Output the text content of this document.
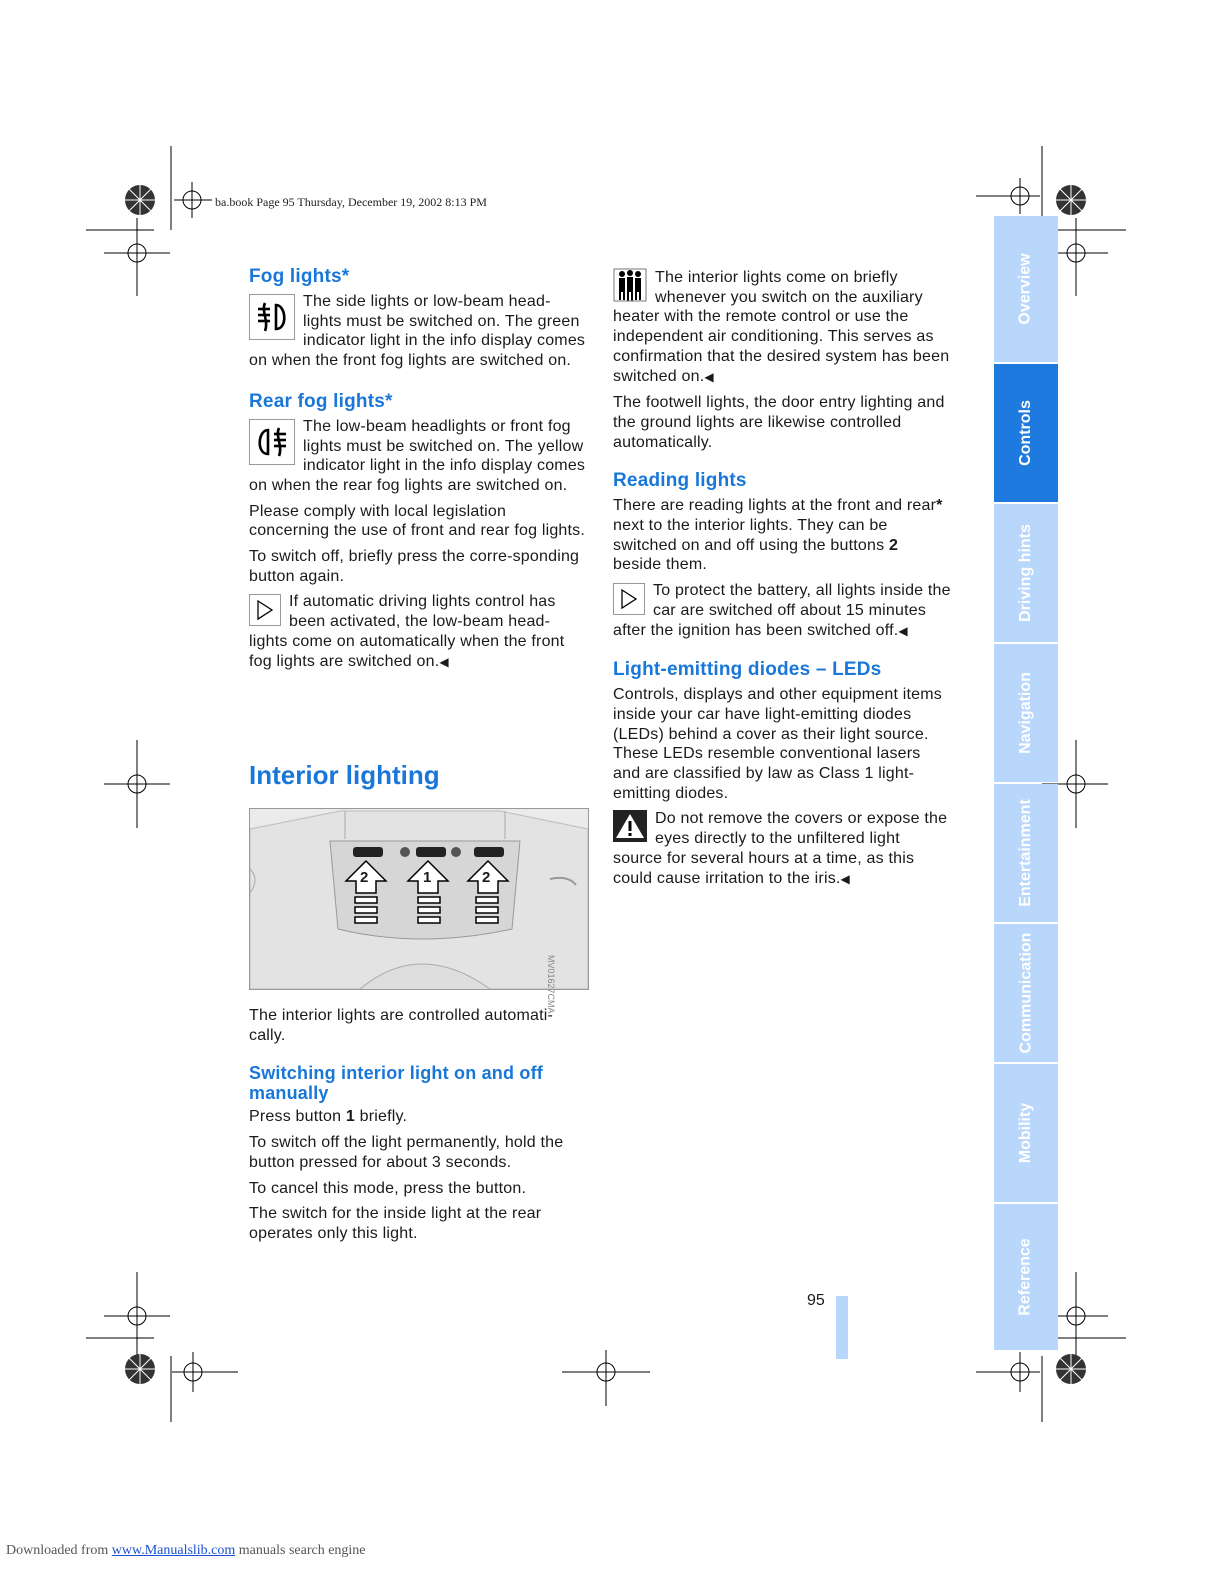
ba.book Page 95 Thursday, December 19, 2002 8:13 PM
Fog lights*

The side lights or low-beam head-lights must be switched on. The green indicator light in the info display comes on when the front fog lights are switched on.

Rear fog lights*

The low-beam headlights or front fog lights must be switched on. The yellow indicator light in the info display comes on when the rear fog lights are switched on.

Please comply with local legislation concerning the use of front and rear fog lights.

To switch off, briefly press the corre-sponding button again.

If automatic driving lights control has been activated, the low-beam head-lights come on automatically when the front fog lights are switched on.◀

Interior lighting
2	1	2
MV01627CMA

The interior lights are controlled automati-cally.

Switching interior light on and off manually

Press button 1 briefly.

To switch off the light permanently, hold the button pressed for about 3 seconds.

To cancel this mode, press the button.

The switch for the inside light at the rear operates only this light.

The interior lights come on briefly whenever you switch on the auxiliary heater with the remote control or use the independent air conditioning. This serves as confirmation that the desired system has been switched on.◀

The footwell lights, the door entry lighting and the ground lights are likewise controlled automatically.

Reading lights

There are reading lights at the front and rear* next to the interior lights. They can be switched on and off using the buttons 2 beside them.

To protect the battery, all lights inside the car are switched off about 15 minutes after the ignition has been switched off.◀

Light-emitting diodes – LEDs

Controls, displays and other equipment items inside your car have light-emitting diodes (LEDs) behind a cover as their light source. These LEDs resemble conventional lasers and are classified by law as Class 1 light-emitting diodes.

Do not remove the covers or expose the eyes directly to the unfiltered light source for several hours at a time, as this could cause irritation to the iris.◀

95
Overview
Controls
Driving hints
Navigation
Entertainment
Communication
Mobility
Reference
Downloaded from www.Manualslib.com manuals search engine
